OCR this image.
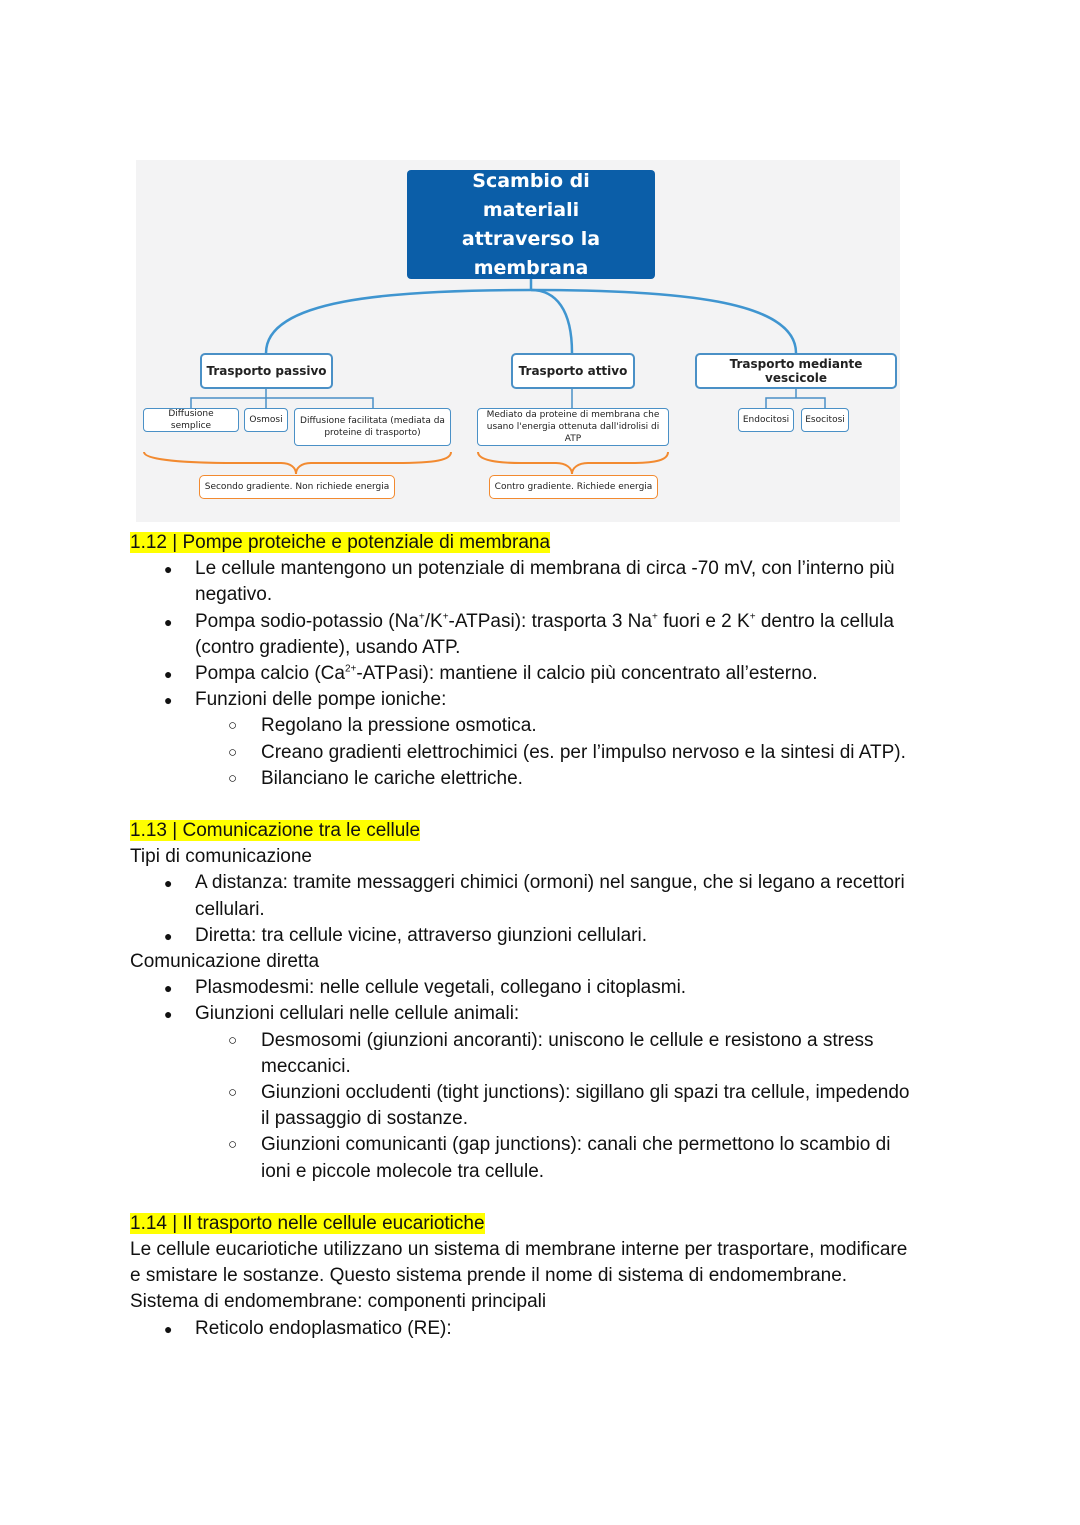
Scambio di materiali attraverso la membrana
Trasporto passivo	Trasporto attivo	Trasporto mediante vescicole
Diffusione semplice
Osmosi	Diffusione facilitata (mediata da proteine di trasporto)
Mediato da proteine di membrana che usano l'energia ottenuta dall'idrolisi di ATP
Endocitosi	Esocitosi
Secondo gradiente. Non richiede energia	Contro gradiente. Richiede energia
1.12 | Pompe proteiche e potenziale di membrana
● Le cellule mantengono un potenziale di membrana di circa -70 mV, con l’interno più
negativo.
● Pompa sodio-potassio (Na+/K+-ATPasi): trasporta 3 Na+ fuori e 2 K+ dentro la cellula
(contro gradiente), usando ATP.
● Pompa calcio $(Ca^{2+}-ATPasi)$: mantiene il calcio più concentrato all’esterno.
● Funzioni delle pompe ioniche:
○ Regolano la pressione osmotica.
○ Creano gradienti elettrochimici (es. per l’impulso nervoso e la sintesi di ATP).
○ Bilanciano le cariche elettriche.
1.13 | Comunicazione tra le cellule
Tipi di comunicazione
● A distanza: tramite messaggeri chimici (ormoni) nel sangue, che si legano a recettori
cellulari.
● Diretta: tra cellule vicine, attraverso giunzioni cellulari.
Comunicazione diretta
● Plasmodesmi: nelle cellule vegetali, collegano i citoplasmi.
● Giunzioni cellulari nelle cellule animali:
○ Desmosomi (giunzioni ancoranti): uniscono le cellule e resistono a stress
meccanici.
○ Giunzioni occludenti (tight junctions): sigillano gli spazi tra cellule, impedendo
il passaggio di sostanze.
○ Giunzioni comunicanti (gap junctions): canali che permettono lo scambio di
ioni e piccole molecole tra cellule.
1.14 | Il trasporto nelle cellule eucariotiche
Le cellule eucariotiche utilizzano un sistema di membrane interne per trasportare, modificare
e smistare le sostanze. Questo sistema prende il nome di sistema di endomembrane.
Sistema di endomembrane: componenti principali
● Reticolo endoplasmatico (RE):
